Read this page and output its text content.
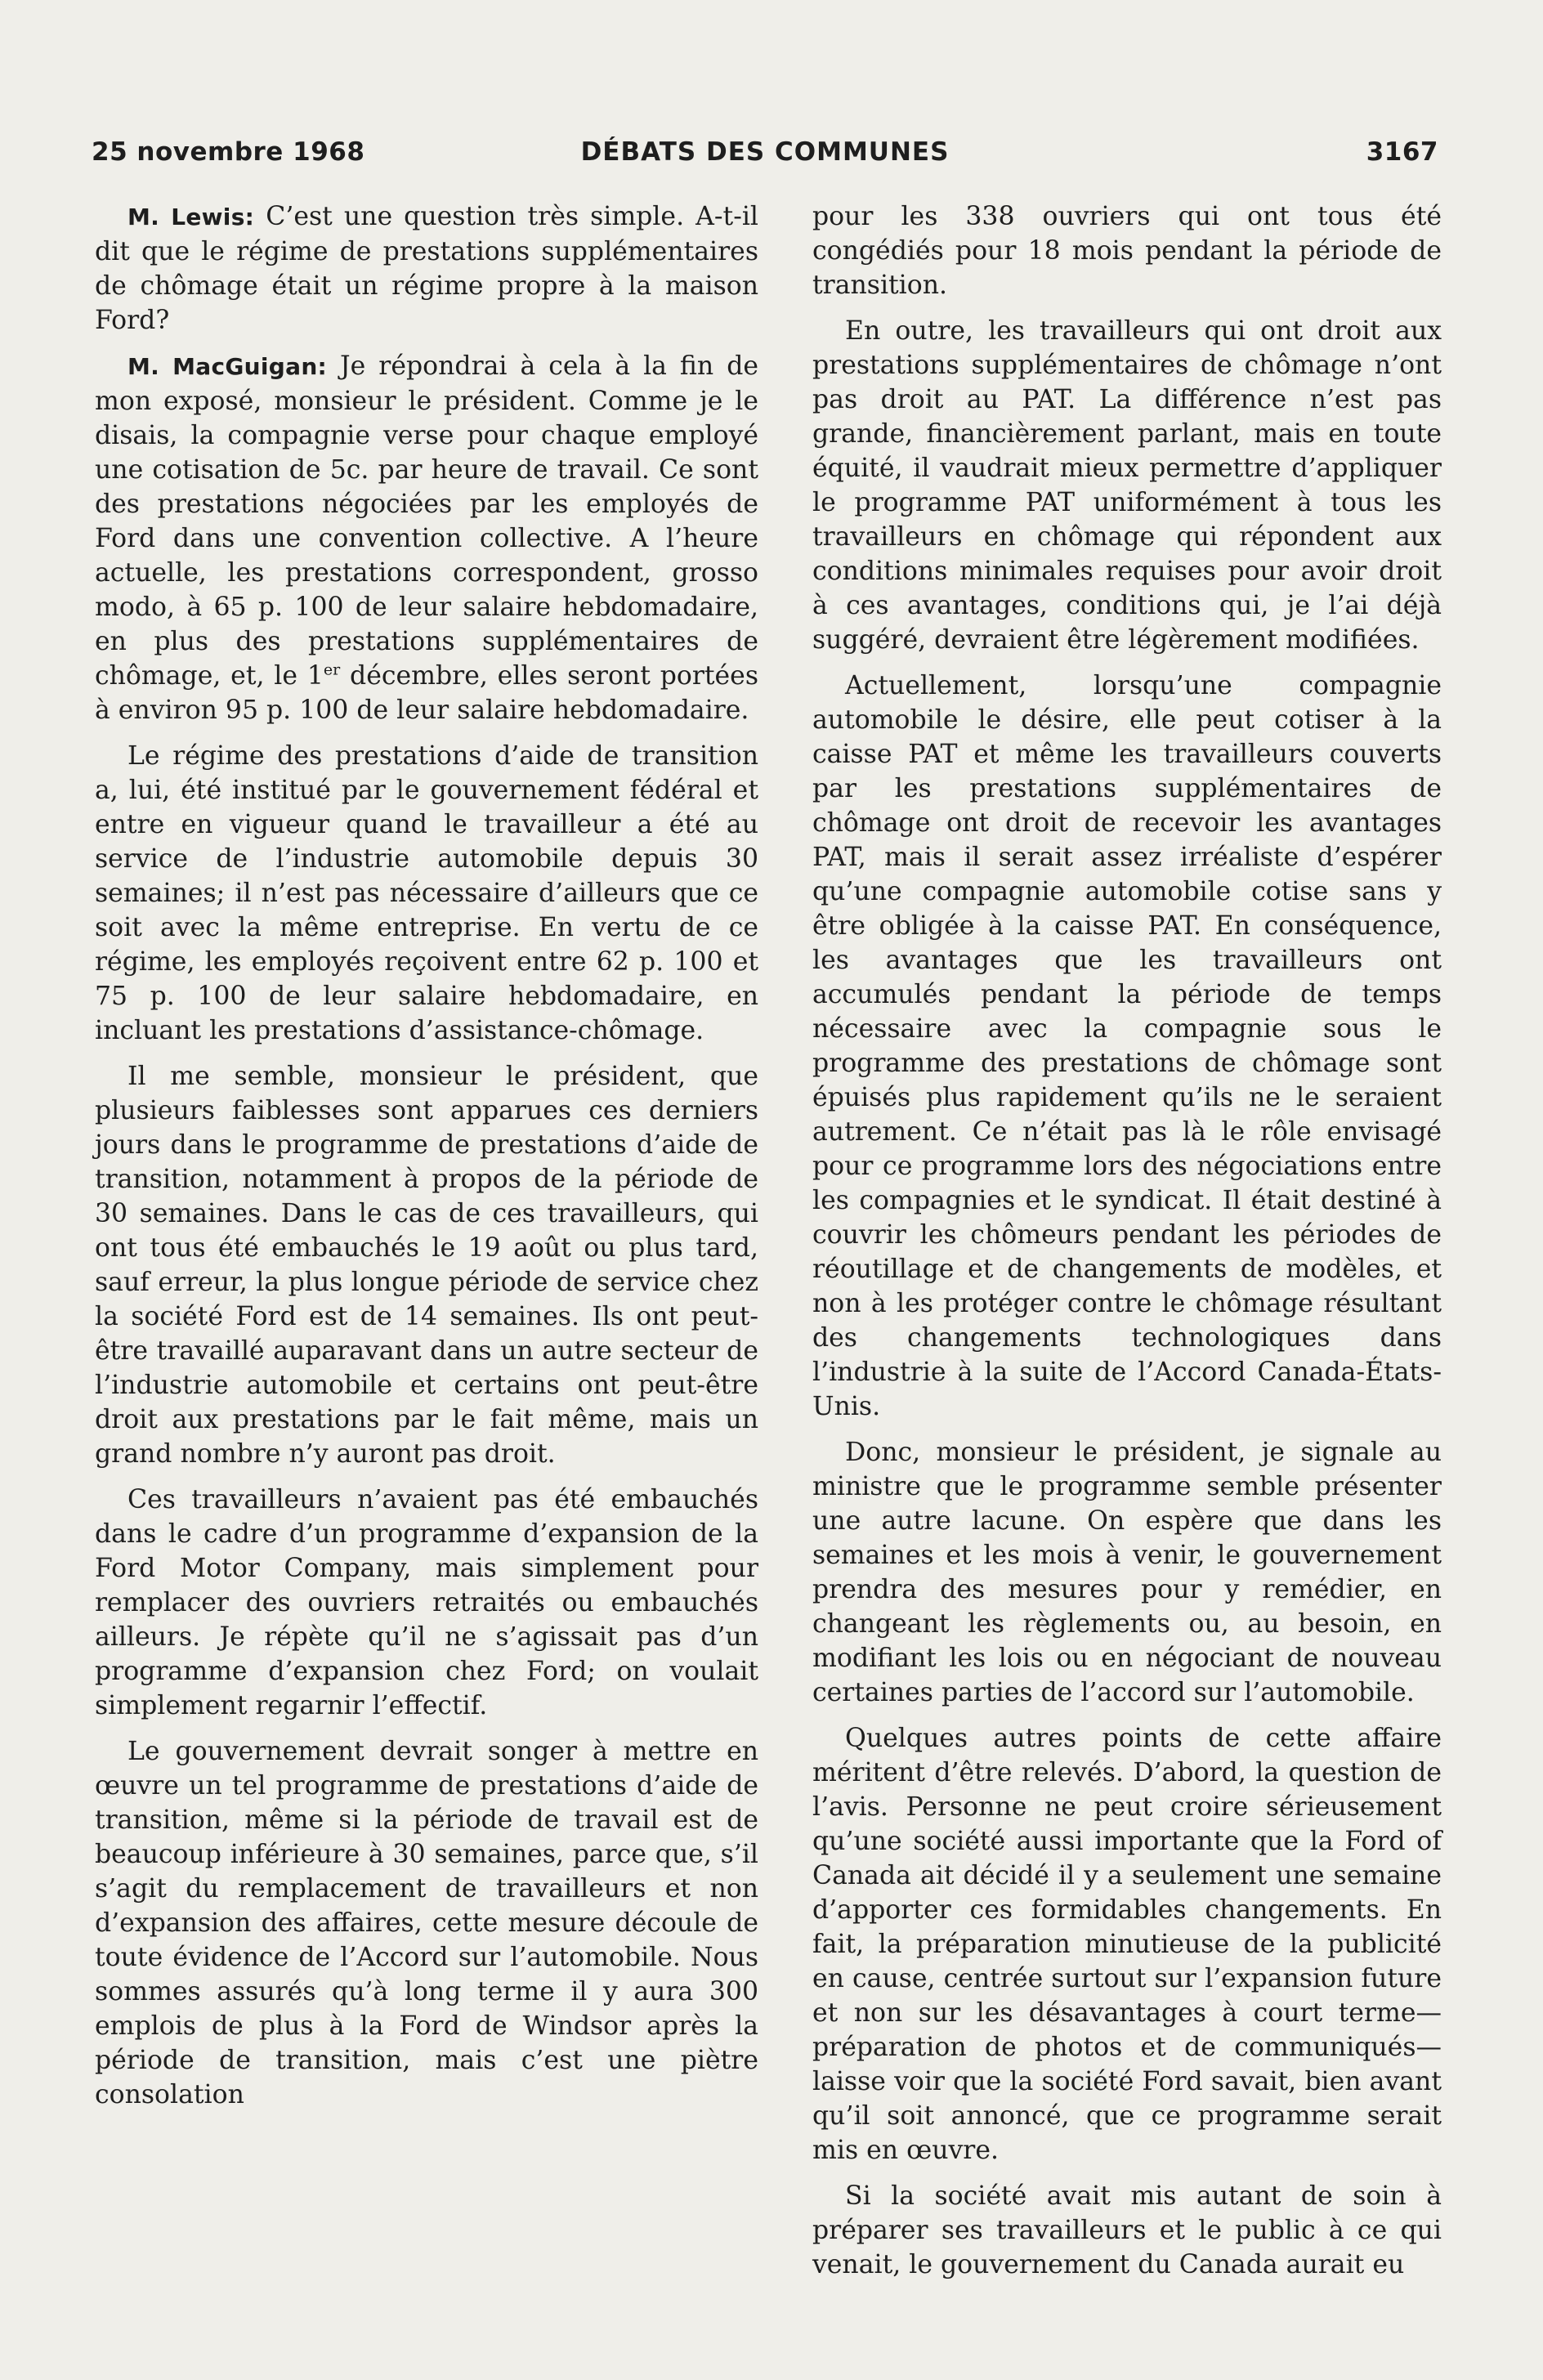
25 novembre 1968	DÉBATS DES COMMUNES	3167

M. Lewis: C’est une question très simple. A-t-il dit que le régime de prestations supplémentaires de chômage était un régime propre à la maison Ford?

M. MacGuigan: Je répondrai à cela à la fin de mon exposé, monsieur le président. Comme je le disais, la compagnie verse pour chaque employé une cotisation de 5c. par heure de travail. Ce sont des prestations négociées par les employés de Ford dans une convention collective. A l’heure actuelle, les prestations correspondent, grosso modo, à 65 p. 100 de leur salaire hebdomadaire, en plus des prestations supplémentaires de chômage, et, le 1er décembre, elles seront portées à environ 95 p. 100 de leur salaire hebdomadaire.

Le régime des prestations d’aide de transition a, lui, été institué par le gouvernement fédéral et entre en vigueur quand le travailleur a été au service de l’industrie automobile depuis 30 semaines; il n’est pas nécessaire d’ailleurs que ce soit avec la même entreprise. En vertu de ce régime, les employés reçoivent entre 62 p. 100 et 75 p. 100 de leur salaire hebdomadaire, en incluant les prestations d’assistance-chômage.

Il me semble, monsieur le président, que plusieurs faiblesses sont apparues ces derniers jours dans le programme de prestations d’aide de transition, notamment à propos de la période de 30 semaines. Dans le cas de ces travailleurs, qui ont tous été embauchés le 19 août ou plus tard, sauf erreur, la plus longue période de service chez la société Ford est de 14 semaines. Ils ont peut-être travaillé auparavant dans un autre secteur de l’industrie automobile et certains ont peut-être droit aux prestations par le fait même, mais un grand nombre n’y auront pas droit.

Ces travailleurs n’avaient pas été embauchés dans le cadre d’un programme d’expansion de la Ford Motor Company, mais simplement pour remplacer des ouvriers retraités ou embauchés ailleurs. Je répète qu’il ne s’agissait pas d’un programme d’expansion chez Ford; on voulait simplement regarnir l’effectif.

Le gouvernement devrait songer à mettre en œuvre un tel programme de prestations d’aide de transition, même si la période de travail est de beaucoup inférieure à 30 semaines, parce que, s’il s’agit du remplacement de travailleurs et non d’expansion des affaires, cette mesure découle de toute évidence de l’Accord sur l’automobile. Nous sommes assurés qu’à long terme il y aura 300 emplois de plus à la Ford de Windsor après la période de transition, mais c’est une piètre consolation

pour les 338 ouvriers qui ont tous été congédiés pour 18 mois pendant la période de transition.

En outre, les travailleurs qui ont droit aux prestations supplémentaires de chômage n’ont pas droit au PAT. La différence n’est pas grande, financièrement parlant, mais en toute équité, il vaudrait mieux permettre d’appliquer le programme PAT uniformément à tous les travailleurs en chômage qui répondent aux conditions minimales requises pour avoir droit à ces avantages, conditions qui, je l’ai déjà suggéré, devraient être légèrement modifiées.

Actuellement, lorsqu’une compagnie automobile le désire, elle peut cotiser à la caisse PAT et même les travailleurs couverts par les prestations supplémentaires de chômage ont droit de recevoir les avantages PAT, mais il serait assez irréaliste d’espérer qu’une compagnie automobile cotise sans y être obligée à la caisse PAT. En conséquence, les avantages que les travailleurs ont accumulés pendant la période de temps nécessaire avec la compagnie sous le programme des prestations de chômage sont épuisés plus rapidement qu’ils ne le seraient autrement. Ce n’était pas là le rôle envisagé pour ce programme lors des négociations entre les compagnies et le syndicat. Il était destiné à couvrir les chômeurs pendant les périodes de réoutillage et de changements de modèles, et non à les protéger contre le chômage résultant des changements technologiques dans l’industrie à la suite de l’Accord Canada-États-Unis.

Donc, monsieur le président, je signale au ministre que le programme semble présenter une autre lacune. On espère que dans les semaines et les mois à venir, le gouvernement prendra des mesures pour y remédier, en changeant les règlements ou, au besoin, en modifiant les lois ou en négociant de nouveau certaines parties de l’accord sur l’automobile.

Quelques autres points de cette affaire méritent d’être relevés. D’abord, la question de l’avis. Personne ne peut croire sérieusement qu’une société aussi importante que la Ford of Canada ait décidé il y a seulement une semaine d’apporter ces formidables changements. En fait, la préparation minutieuse de la publicité en cause, centrée surtout sur l’expansion future et non sur les désavantages à court terme—préparation de photos et de communiqués—laisse voir que la société Ford savait, bien avant qu’il soit annoncé, que ce programme serait mis en œuvre.

Si la société avait mis autant de soin à préparer ses travailleurs et le public à ce qui venait, le gouvernement du Canada aurait eu
